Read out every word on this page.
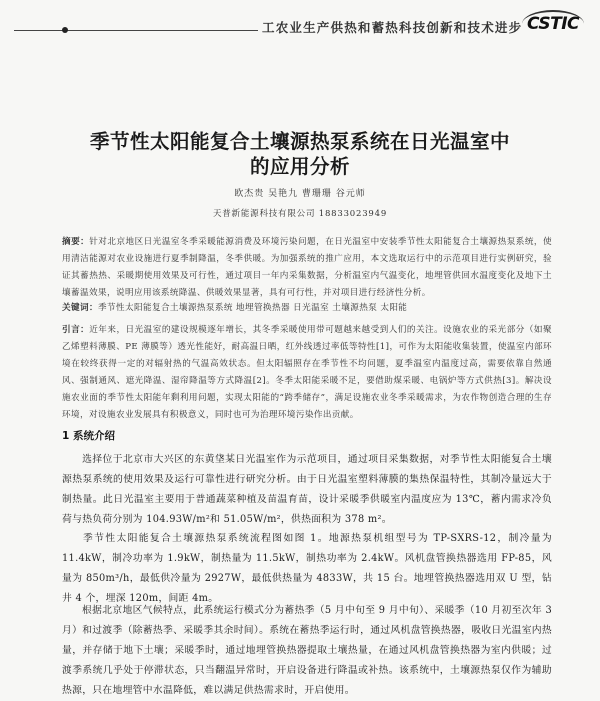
工农业生产供热和蓄热科技创新和技术进步 CSTIC
季节性太阳能复合土壤源热泵系统在日光温室中
的应用分析
欧杰贵 吴艳九 曹珊珊 谷元师
天普新能源科技有限公司 18833023949
摘要：针对北京地区日光温室冬季采暖能源消费及环境污染问题，在日光温室中安装季节性太阳能复合土壤源热泵系统，使用清洁能源对农业设施进行夏季制降温，冬季供暖。为加强系统的推广应用，本文选取运行中的示范项目进行实例研究，验证其蓄热热、采暖期使用效果及可行性，通过项目一年内采集数据，分析温室内气温变化，地埋管供回水温度变化及地下土壤蓄温效果，说明应用该系统降温、供暖效果显著，具有可行性，并对项目进行经济性分析。
关键词：季节性太阳能复合土壤源热泵系统 地埋管换热器 日光温室 土壤源热泵 太阳能
引言：近年来，日光温室的建设规模逐年增长，其冬季采暖使用带可题越来越受到人们的关注。设施农业的采光部分（如聚乙烯塑料薄膜、PE 薄膜等）透光性能好，耐高温日晒，红外线透过率低等特性[1]，可作为太阳能收集装置，使温室内部环境在较终获得一定的对辐射热的气温高效状态。但太阳辐照存在季节性不均问题，夏季温室内温度过高，需要依靠自然通风、强制通风、遮光降温、湿帘降温等方式降温[2]。冬季太阳能采暖不足，要借助煤采暖、电锅炉等方式供热[3]。解决设施农业面的季节性太阳能年剩利用问题，实现太阳能的“跨季储存”，满足设施农业冬季采暖需求，为农作物创造合理的生存环境，对设施农业发展具有积极意义，同时也可为治理环境污染作出贡献。
1 系统介绍
选择位于北京市大兴区的东黄垡某日光温室作为示范项目，通过项目采集数据，对季节性太阳能复合土壤源热泵系统的使用效果及运行可靠性进行研究分析。由于日光温室塑料薄膜的集热保温特性，其制冷量远大于制热量。此日光温室主要用于普通蔬菜种植及苗温育苗，设计采暖季供暖室内温度应为 13℃，蓄内需求冷负荷与热负荷分别为 104.93W/m²和 51.05W/m²，供热面积为 378 m²。
季节性太阳能复合土壤源热泵系统流程图如图 1。地源热泵机组型号为 TP-SXRS-12，制冷量为 11.4kW，制冷功率为 1.9kW，制热量为 11.5kW，制热功率为 2.4kW。风机盘管换热器选用 FP-85，风量为 850m³/h，最低供冷量为 2927W，最低供热量为 4833W，共 15 台。地埋管换热器选用双 U 型，钻井 4 个，埋深 120m，间距 4m。
根据北京地区气候特点，此系统运行模式分为蓄热季（5 月中旬至 9 月中旬）、采暖季（10 月初至次年 3 月）和过渡季（除蓄热季、采暖季其余时间）。系统在蓄热季运行时，通过风机盘管换热器，吸收日光温室内热量，并存储于地下土壤；采暖季时，通过地埋管换热器提取土壤热量，在通过风机盘管换热器为室内供暖；过渡季系统几乎处于停滞状态，只当翻温异常时，开启设备进行降温或补热。该系统中，土壤源热泵仅作为辅助热源，只在地埋管中水温降低，难以满足供热需求时，开启使用。
